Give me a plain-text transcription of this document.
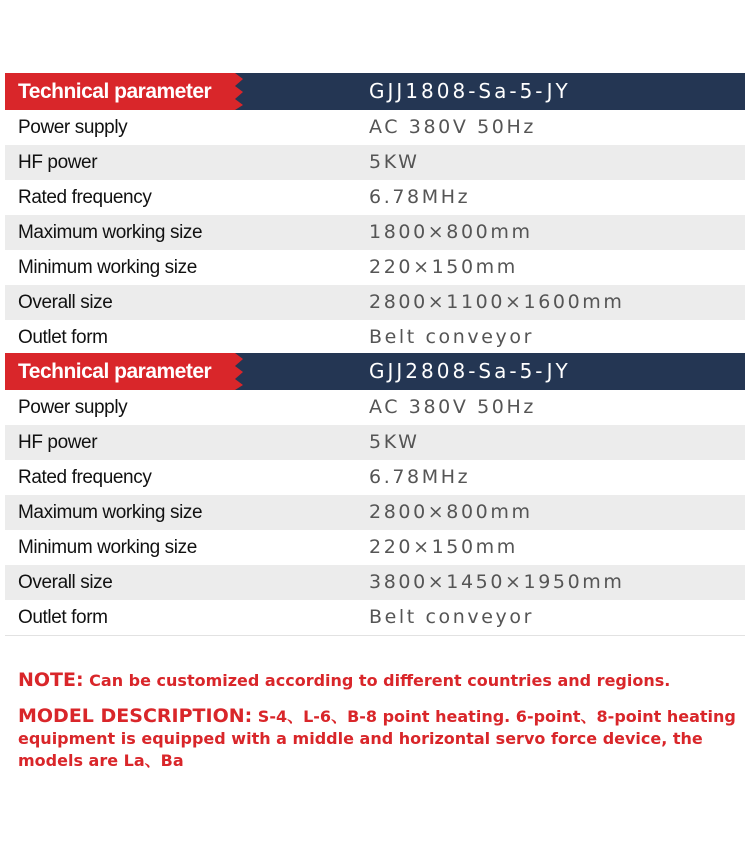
Technical parameter	GJJ1808-Sa-5-JY
Power supply	AC 380V 50Hz
HF power	5KW
Rated frequency	6.78MHz
Maximum working size	1800×800mm
Minimum working size	220×150mm
Overall size	2800×1100×1600mm
Outlet form	Belt conveyor
Technical parameter	GJJ2808-Sa-5-JY
Power supply	AC 380V 50Hz
HF power	5KW
Rated frequency	6.78MHz
Maximum working size	2800×800mm
Minimum working size	220×150mm
Overall size	3800×1450×1950mm
Outlet form	Belt conveyor
NOTE: Can be customized according to different countries and regions.
MODEL DESCRIPTION: S-4、L-6、B-8 point heating. 6-point、8-point heating equipment is equipped with a middle and horizontal servo force device, the models are La、Ba
